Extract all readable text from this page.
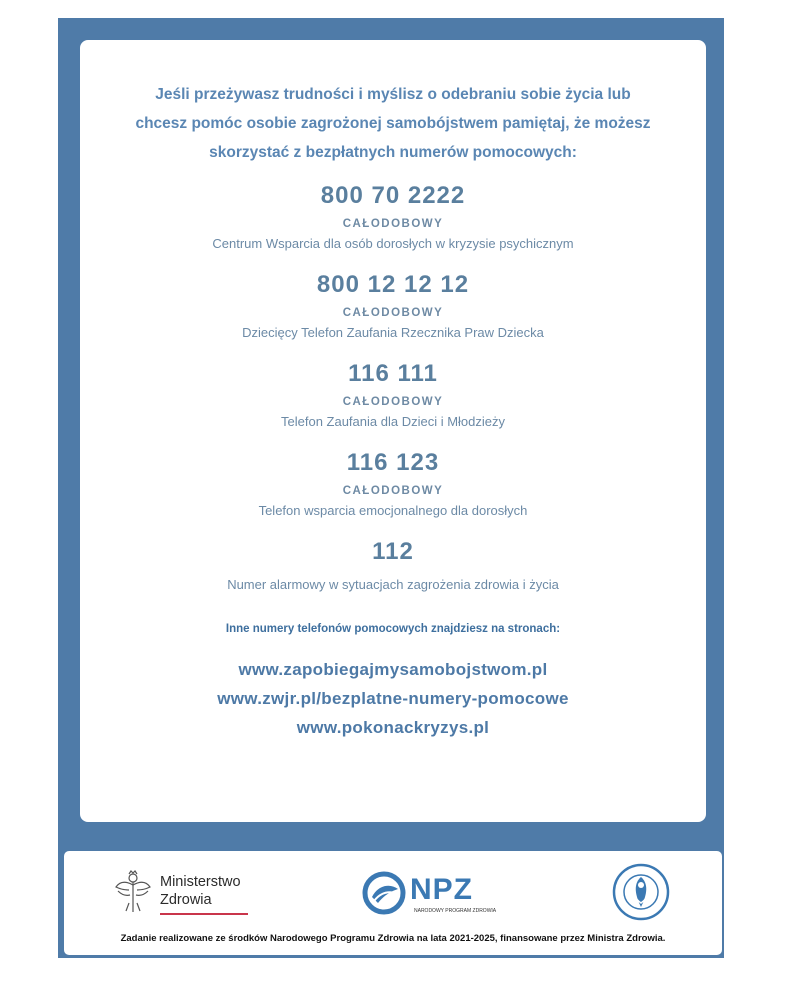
Jeśli przeżywasz trudności i myślisz o odebraniu sobie życia lub
chcesz pomóc osobie zagrożonej samobójstwem pamiętaj, że możesz
skorzystać z bezpłatnych numerów pomocowych:
800 70 2222
CAŁODOBOWY
Centrum Wsparcia dla osób dorosłych w kryzysie psychicznym
800 12 12 12
CAŁODOBOWY
Dziecięcy Telefon Zaufania Rzecznika Praw Dziecka
116 111
CAŁODOBOWY
Telefon Zaufania dla Dzieci i Młodzieży
116 123
CAŁODOBOWY
Telefon wsparcia emocjonalnego dla dorosłych
112
Numer alarmowy w sytuacjach zagrożenia zdrowia i życia
Inne numery telefonów pomocowych znajdziesz na stronach:
www.zapobiegajmysamobojstwom.pl
www.zwjr.pl/bezplatne-numery-pomocowe
www.pokonackryzys.pl
Ministerstwo
Zdrowia	NPZ
NARODOWY PROGRAM ZDROWIA
Zadanie realizowane ze środków Narodowego Programu Zdrowia na lata 2021-2025, finansowane przez Ministra Zdrowia.
